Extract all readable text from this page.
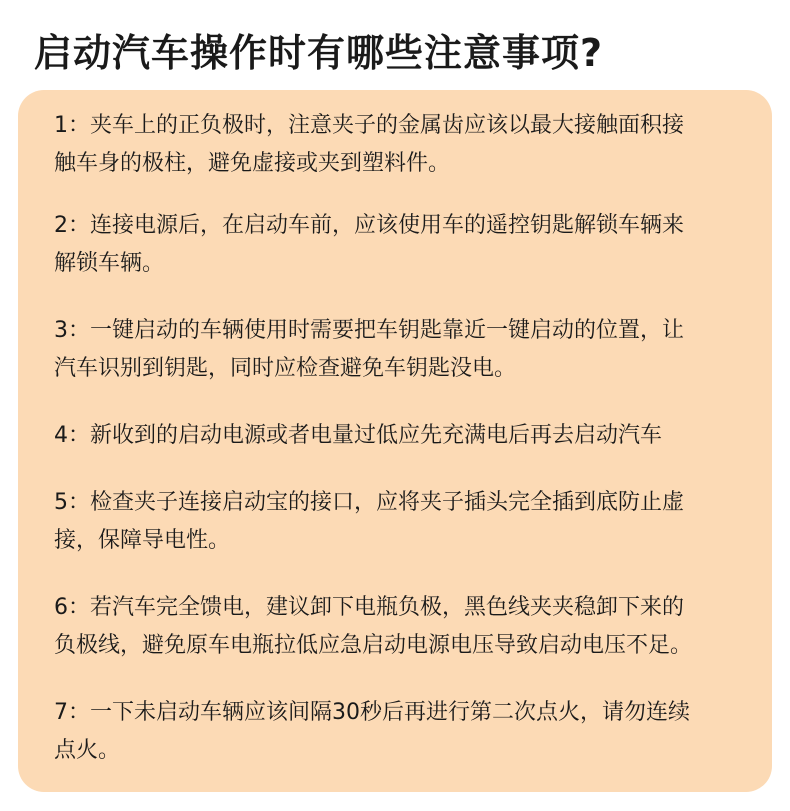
启动汽车操作时有哪些注意事项?
1：夹车上的正负极时，注意夹子的金属齿应该以最大接触面积接
触车身的极柱，避免虚接或夹到塑料件。
2：连接电源后，在启动车前，应该使用车的遥控钥匙解锁车辆来
解锁车辆。
3：一键启动的车辆使用时需要把车钥匙靠近一键启动的位置，让
汽车识别到钥匙，同时应检查避免车钥匙没电。
4：新收到的启动电源或者电量过低应先充满电后再去启动汽车
5：检查夹子连接启动宝的接口，应将夹子插头完全插到底防止虚
接，保障导电性。
6：若汽车完全馈电，建议卸下电瓶负极，黑色线夹夹稳卸下来的
负极线，避免原车电瓶拉低应急启动电源电压导致启动电压不足。
7：一下未启动车辆应该间隔30秒后再进行第二次点火，请勿连续
点火。
